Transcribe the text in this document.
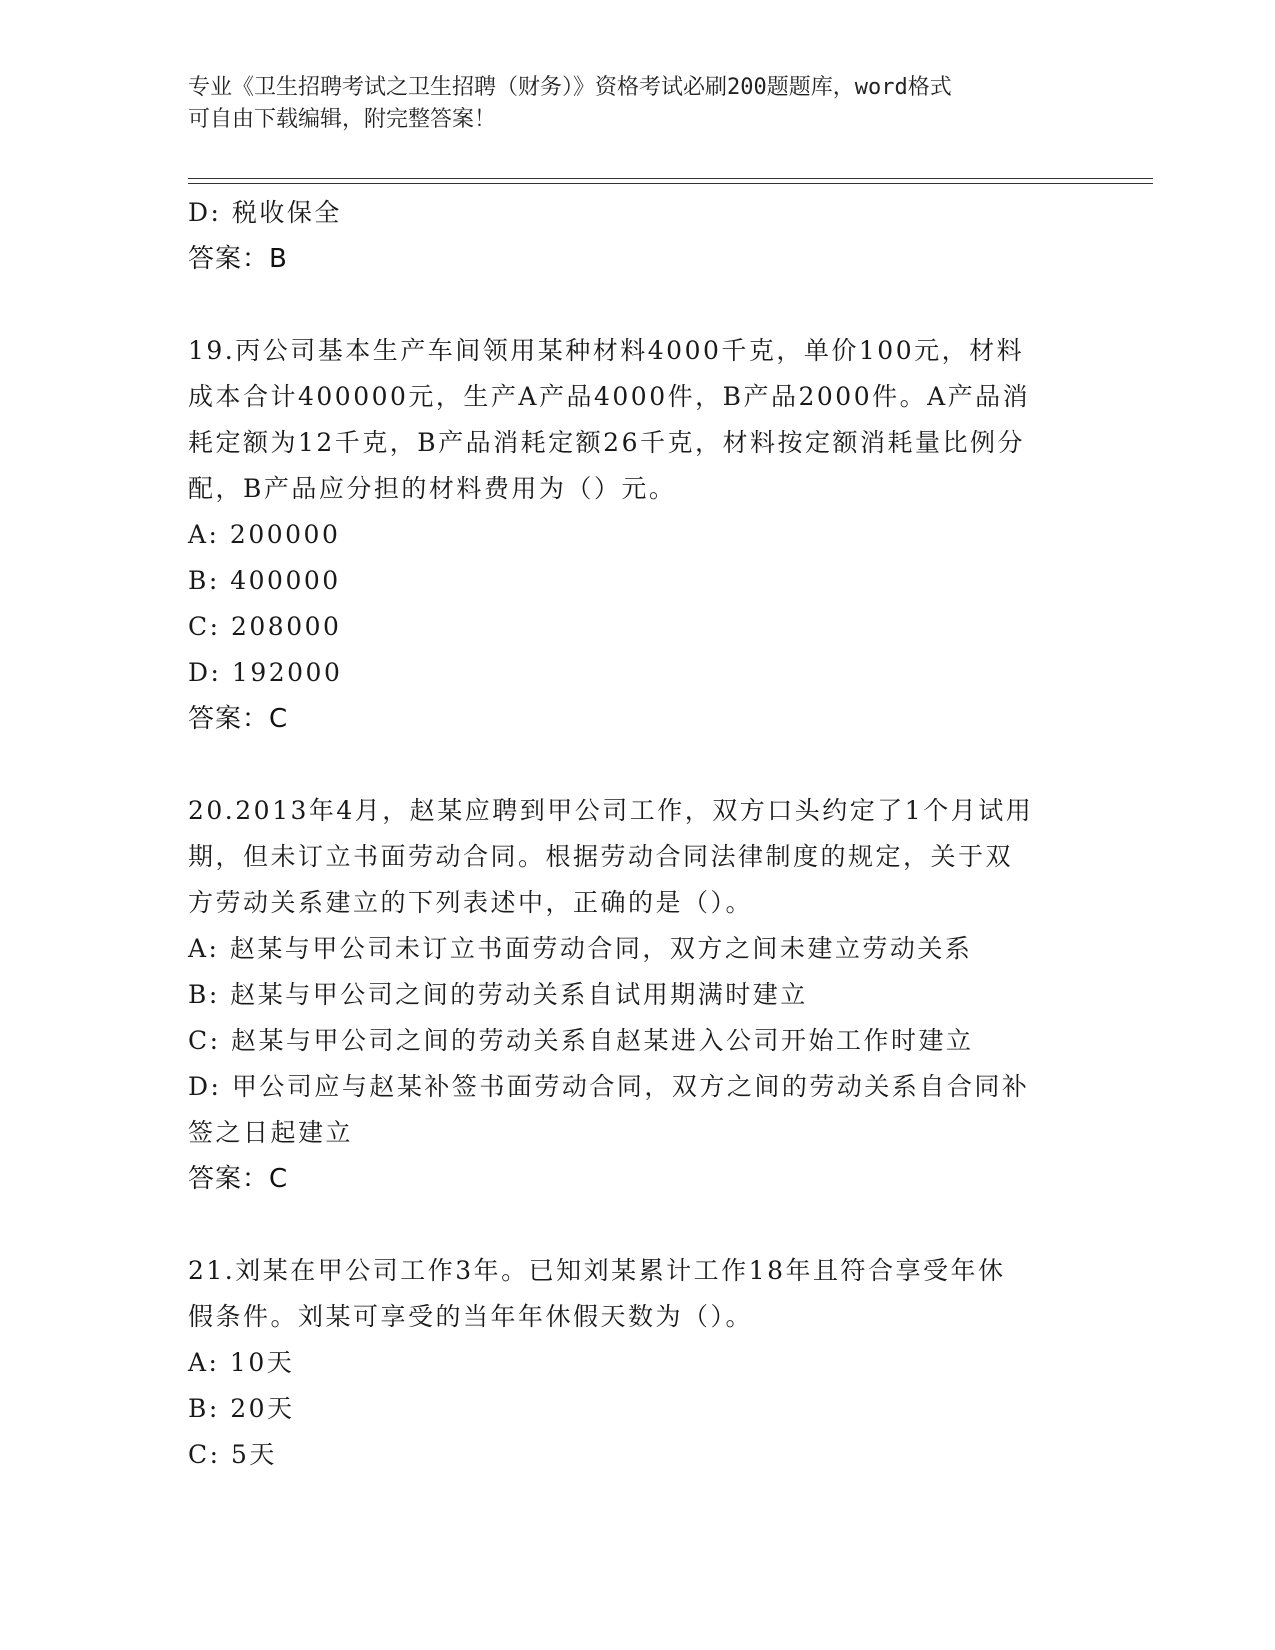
专业《卫生招聘考试之卫生招聘（财务）》资格考试必刷200题题库，word格式
可自由下载编辑，附完整答案！
D: 税收保全
答案：B
19.丙公司基本生产车间领用某种材料4000千克，单价100元，材料
成本合计400000元，生产A产品4000件，B产品2000件。A产品消
耗定额为12千克，B产品消耗定额26千克，材料按定额消耗量比例分
配，B产品应分担的材料费用为（）元。
A: 200000
B: 400000
C: 208000
D: 192000
答案：C
20.2013年4月，赵某应聘到甲公司工作，双方口头约定了1个月试用
期，但未订立书面劳动合同。根据劳动合同法律制度的规定，关于双
方劳动关系建立的下列表述中，正确的是（）。
A: 赵某与甲公司未订立书面劳动合同，双方之间未建立劳动关系
B: 赵某与甲公司之间的劳动关系自试用期满时建立
C: 赵某与甲公司之间的劳动关系自赵某进入公司开始工作时建立
D: 甲公司应与赵某补签书面劳动合同，双方之间的劳动关系自合同补
签之日起建立
答案：C
21.刘某在甲公司工作3年。已知刘某累计工作18年且符合享受年休
假条件。刘某可享受的当年年休假天数为（）。
A: 10天
B: 20天
C: 5天
